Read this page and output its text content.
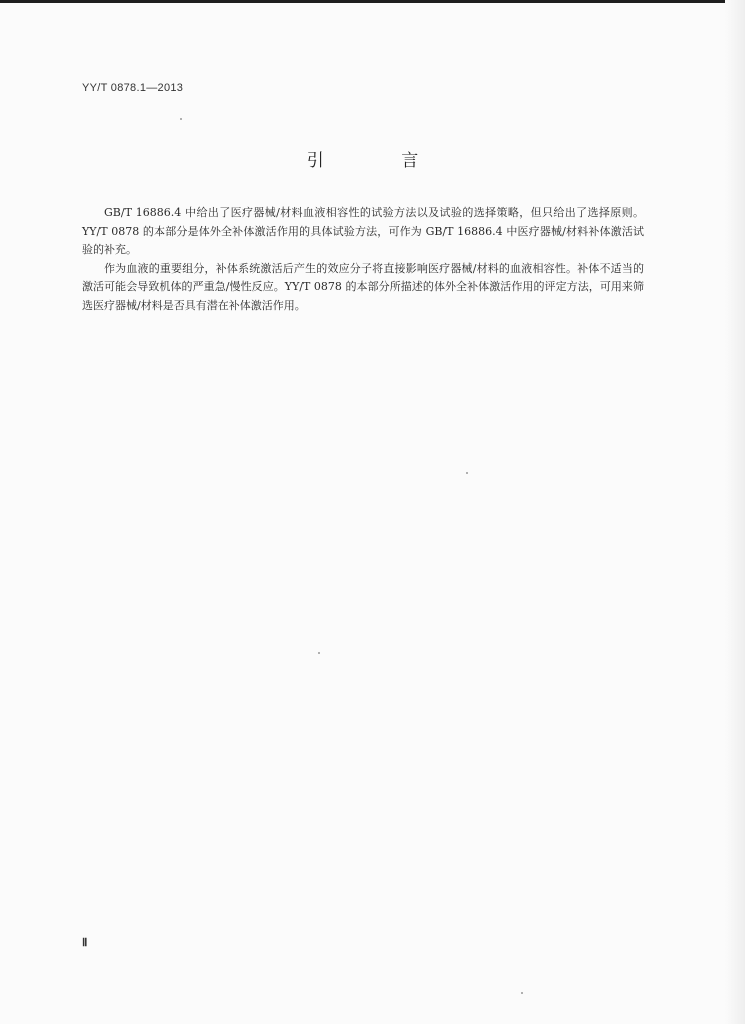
YY/T 0878.1—2013
引 言

GB/T 16886.4 中给出了医疗器械/材料血液相容性的试验方法以及试验的选择策略，但只给出了选择原则。YY/T 0878 的本部分是体外全补体激活作用的具体试验方法，可作为 GB/T 16886.4 中医疗器械/材料补体激活试验的补充。

作为血液的重要组分，补体系统激活后产生的效应分子将直接影响医疗器械/材料的血液相容性。补体不适当的激活可能会导致机体的严重急/慢性反应。YY/T 0878 的本部分所描述的体外全补体激活作用的评定方法，可用来筛选医疗器械/材料是否具有潜在补体激活作用。

Ⅱ
